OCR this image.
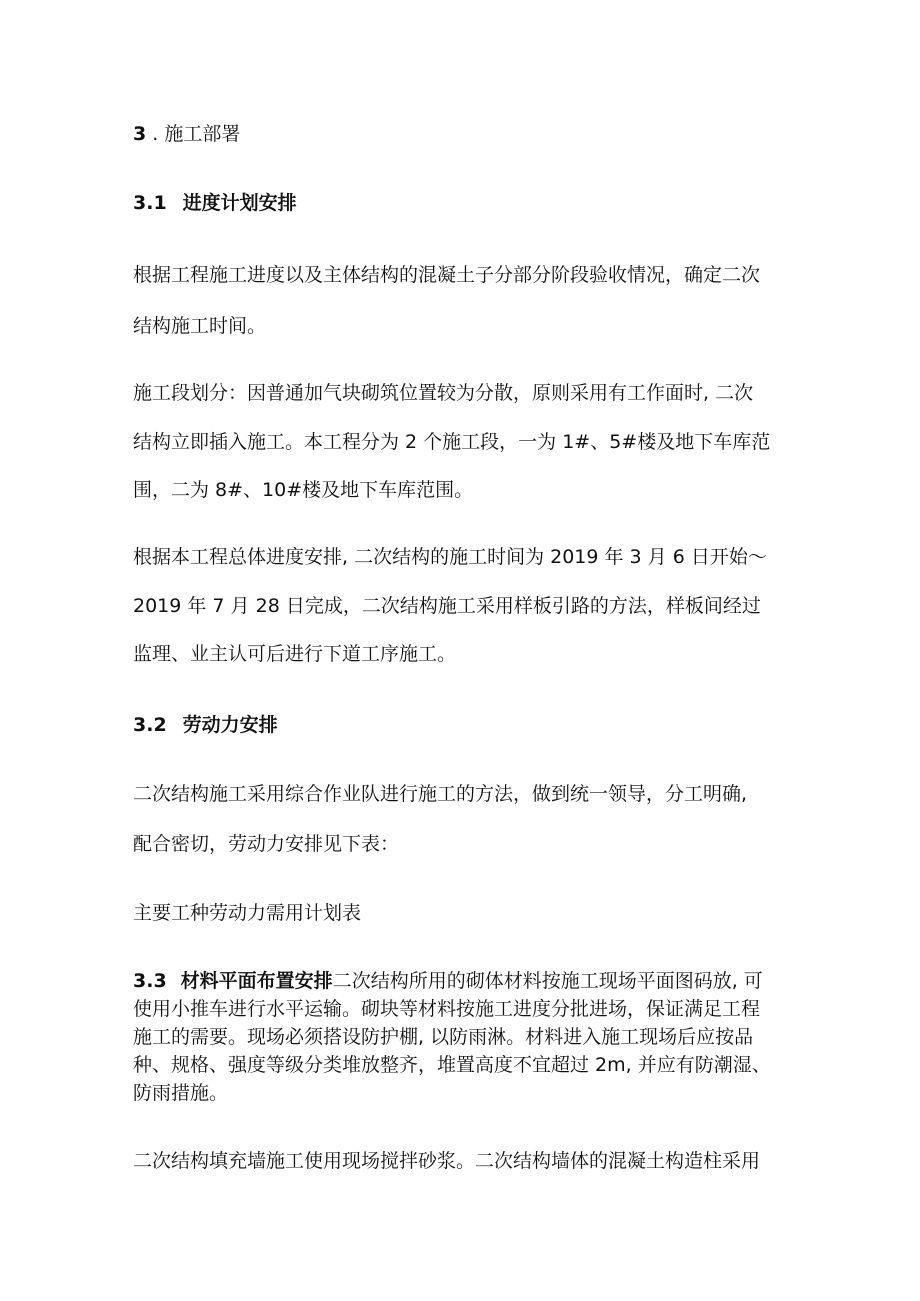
3 . 施工部署
3.1 进度计划安排
根据工程施工进度以及主体结构的混凝土子分部分阶段验收情况，确定二次
结构施工时间。
施工段划分：因普通加气块砌筑位置较为分散，原则采用有工作面时, 二次
结构立即插入施工。本工程分为 2 个施工段，一为 1#、5#楼及地下车库范
围，二为 8#、10#楼及地下车库范围。
根据本工程总体进度安排, 二次结构的施工时间为 2019 年 3 月 6 日开始～
2019 年 7 月 28 日完成，二次结构施工采用样板引路的方法，样板间经过
监理、业主认可后进行下道工序施工。
3.2 劳动力安排
二次结构施工采用综合作业队进行施工的方法，做到统一领导，分工明确,
配合密切，劳动力安排见下表：
主要工种劳动力需用计划表
3.3 材料平面布置安排二次结构所用的砌体材料按施工现场平面图码放, 可
使用小推车进行水平运输。砌块等材料按施工进度分批进场，保证满足工程
施工的需要。现场必须搭设防护棚, 以防雨淋。材料进入施工现场后应按品
种、规格、强度等级分类堆放整齐，堆置高度不宜超过 2m, 并应有防潮湿、
防雨措施。
二次结构填充墙施工使用现场搅拌砂浆。二次结构墙体的混凝土构造柱采用
